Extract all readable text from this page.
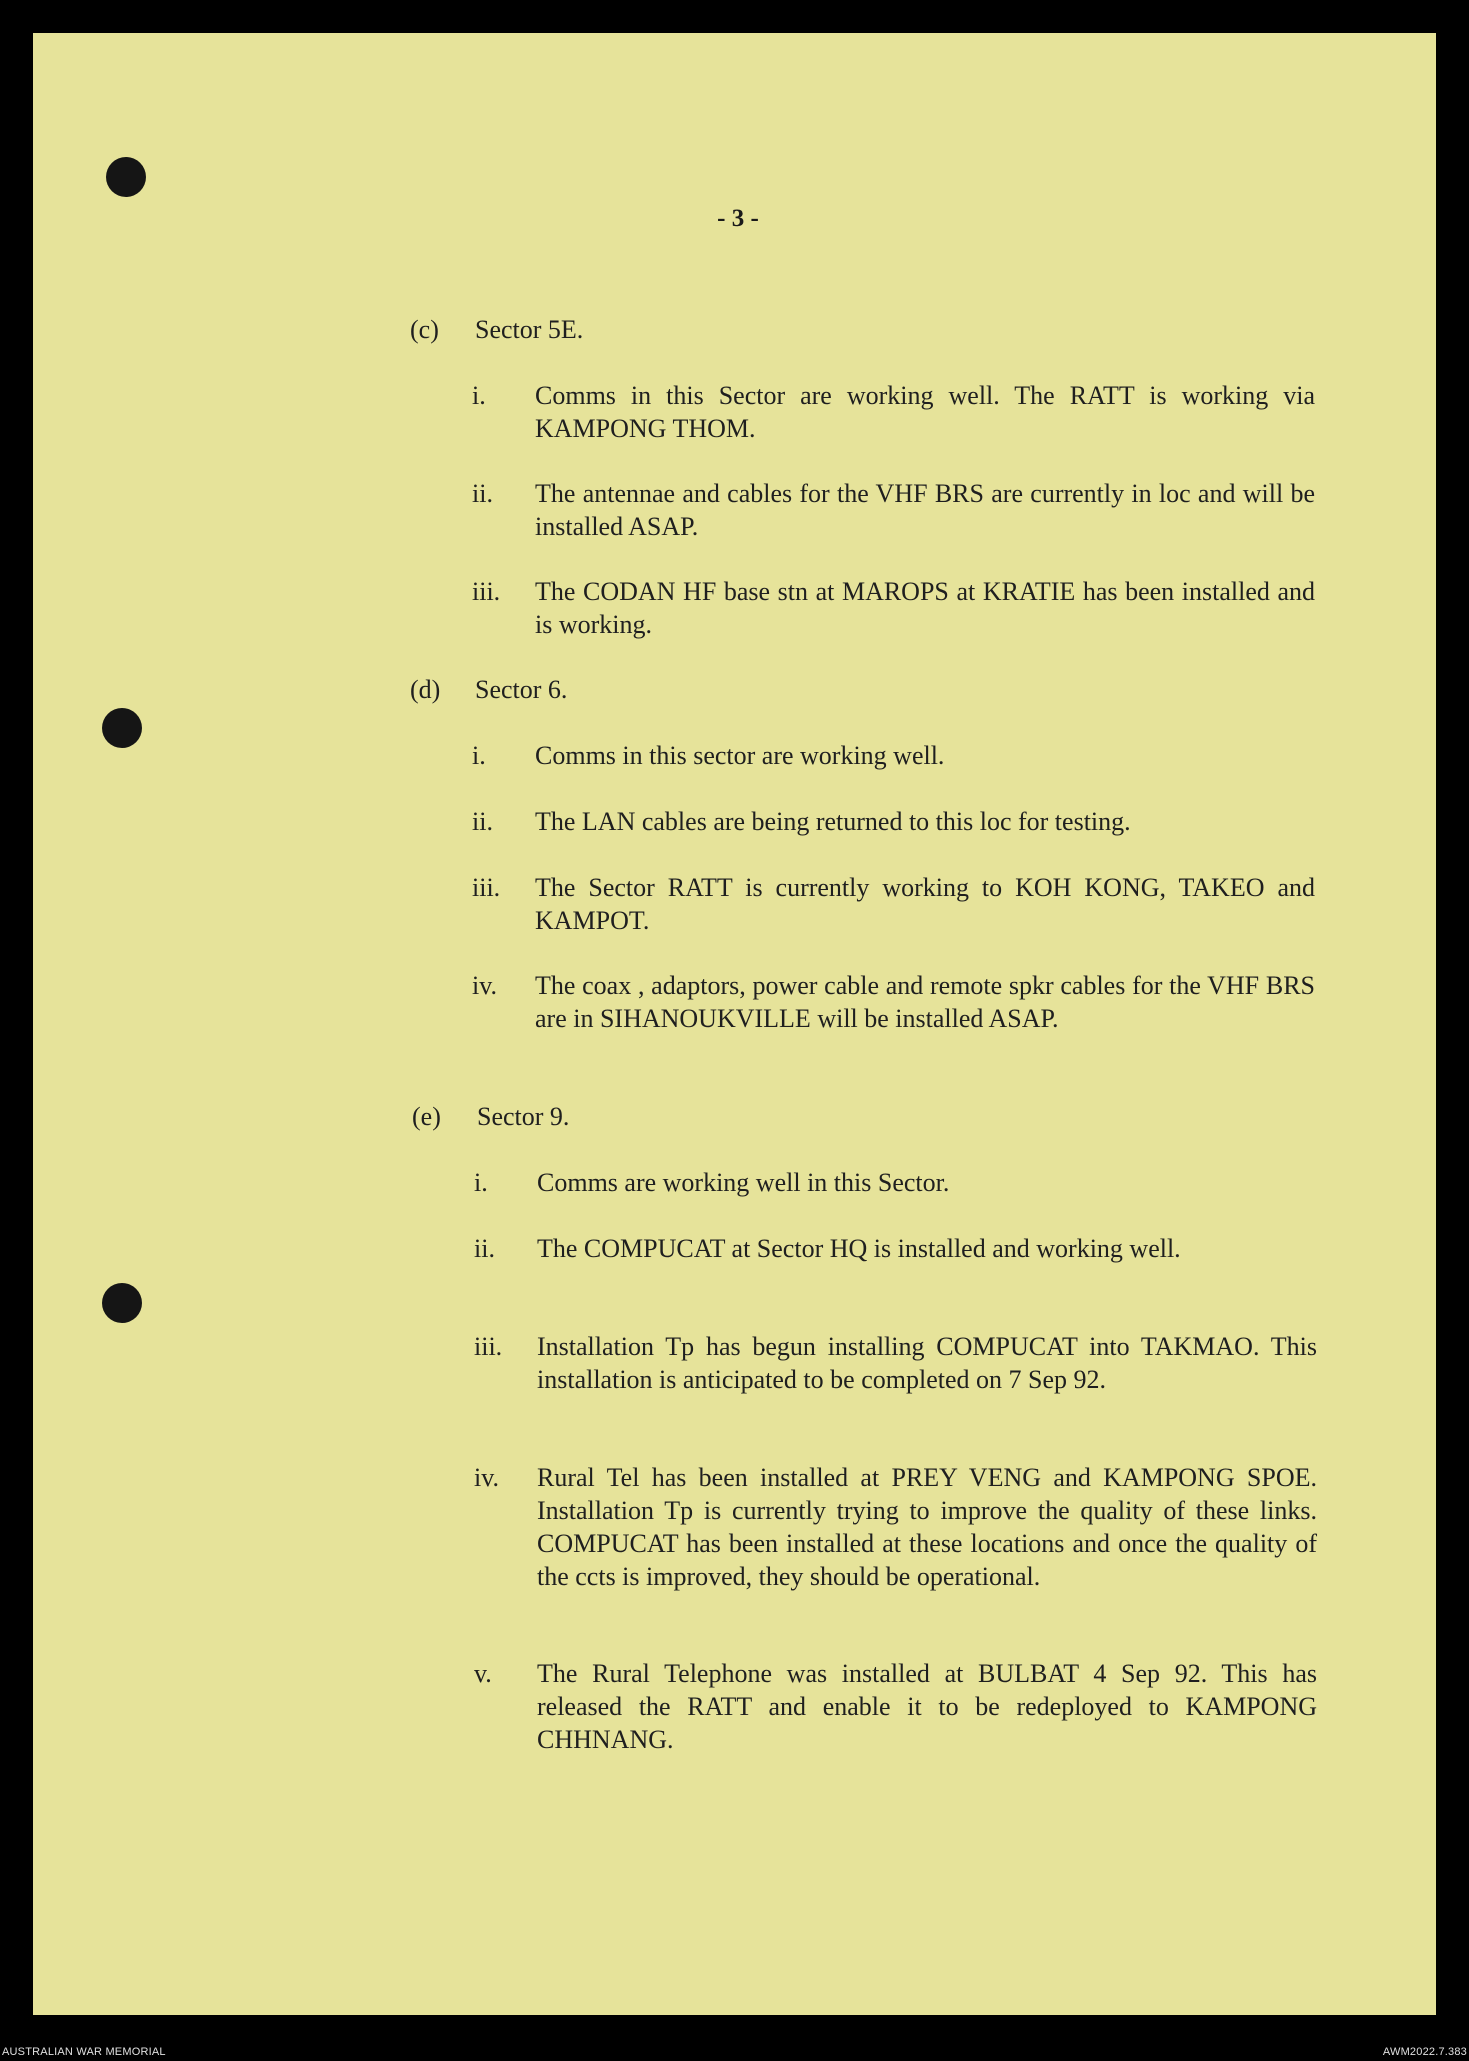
- 3 -
(c)	Sector 5E.
i.	Comms in this Sector are working well. The RATT is working via KAMPONG THOM.
ii.	The antennae and cables for the VHF BRS are currently in loc and will be installed ASAP.
iii.	The CODAN HF base stn at MAROPS at KRATIE has been installed and is working.
(d)	Sector 6.
i.	Comms in this sector are working well.
ii.	The LAN cables are being returned to this loc for testing.
iii.	The Sector RATT is currently working to KOH KONG, TAKEO and KAMPOT.
iv.	The coax , adaptors, power cable and remote spkr cables for the VHF BRS are in SIHANOUKVILLE will be installed ASAP.
(e)	Sector 9.
i.	Comms are working well in this Sector.
ii.	The COMPUCAT at Sector HQ is installed and working well.
iii.	Installation Tp has begun installing COMPUCAT into TAKMAO. This installation is anticipated to be completed on 7 Sep 92.
iv.	Rural Tel has been installed at PREY VENG and KAMPONG SPOE. Installation Tp is currently trying to improve the quality of these links. COMPUCAT has been installed at these locations and once the quality of the ccts is improved, they should be operational.
v.	The Rural Telephone was installed at BULBAT 4 Sep 92. This has released the RATT and enable it to be redeployed to KAMPONG CHHNANG.
AUSTRALIAN WAR MEMORIAL	AWM2022.7.383
